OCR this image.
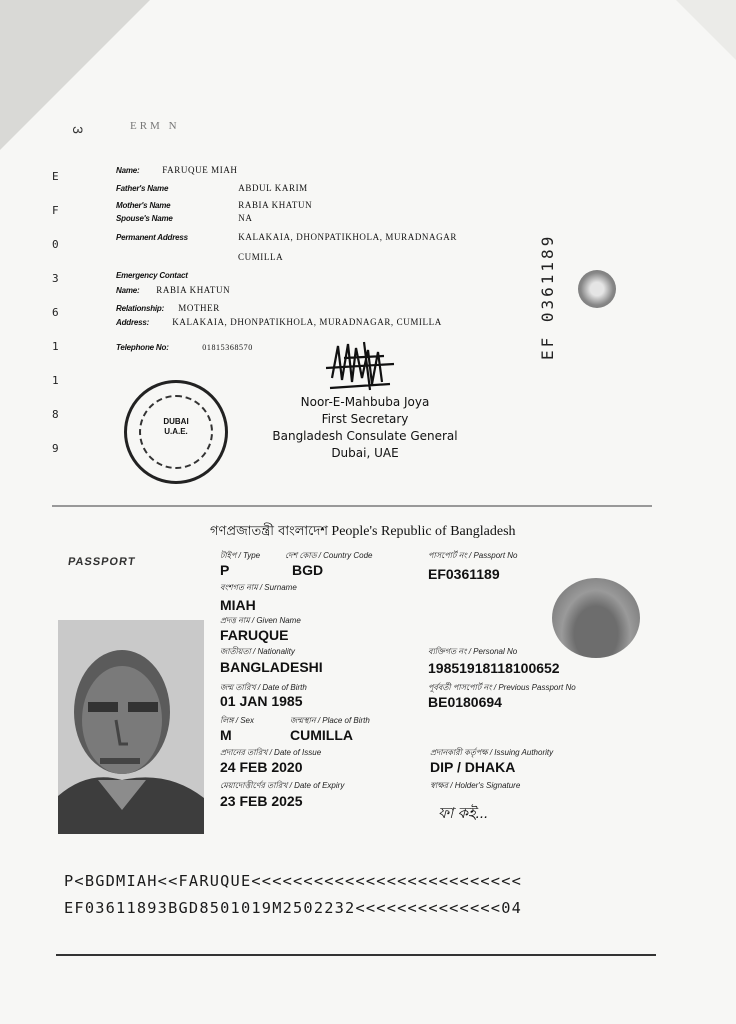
3	ERM N
E
F
0
3
6
1
1
8
9
Name:	FARUQUE MIAH
Father's Name	ABDUL KARIM
Mother's Name	RABIA KHATUN
Spouse's Name	NA
Permanent Address	KALAKAIA, DHONPATIKHOLA, MURADNAGAR
CUMILLA
Emergency Contact
Name: RABIA KHATUN
Relationship: MOTHER
Address:	KALAKAIA, DHONPATIKHOLA, MURADNAGAR, CUMILLA
Telephone No:	01815368570	EF 0361189
DUBAI
U.A.E.
Noor-E-Mahbuba Joya
First Secretary
Bangladesh Consulate General
Dubai, UAE
গণপ্রজাতন্ত্রী বাংলাদেশ People's Republic of Bangladesh
PASSPORT
টাইপ / Type	দেশ কোড / Country Code	পাসপোর্ট নং / Passport No
P	BGD	EF0361189
বংশগত নাম / Surname
MIAH
প্রদত্ত নাম / Given Name
FARUQUE
জাতীয়তা / Nationality
BANGLADESHI
ব্যক্তিগত নং / Personal No
19851918118100652
জন্ম তারিখ / Date of Birth
01 JAN 1985
পূর্ববর্তী পাসপোর্ট নং / Previous Passport No
BE0180694
লিঙ্গ / Sex	জন্মস্থান / Place of Birth
M	CUMILLA
প্রদানের তারিখ / Date of Issue
24 FEB 2020
প্রদানকারী কর্তৃপক্ষ / Issuing Authority
DIP / DHAKA
মেয়াদোত্তীর্ণের তারিখ / Date of Expiry
23 FEB 2025
স্বাক্ষর / Holder's Signature
ফা কই...
P<BGDMIAH<<FARUQUE<<<<<<<<<<<<<<<<<<<<<<<<<<
EF03611893BGD8501019M2502232<<<<<<<<<<<<<<04
